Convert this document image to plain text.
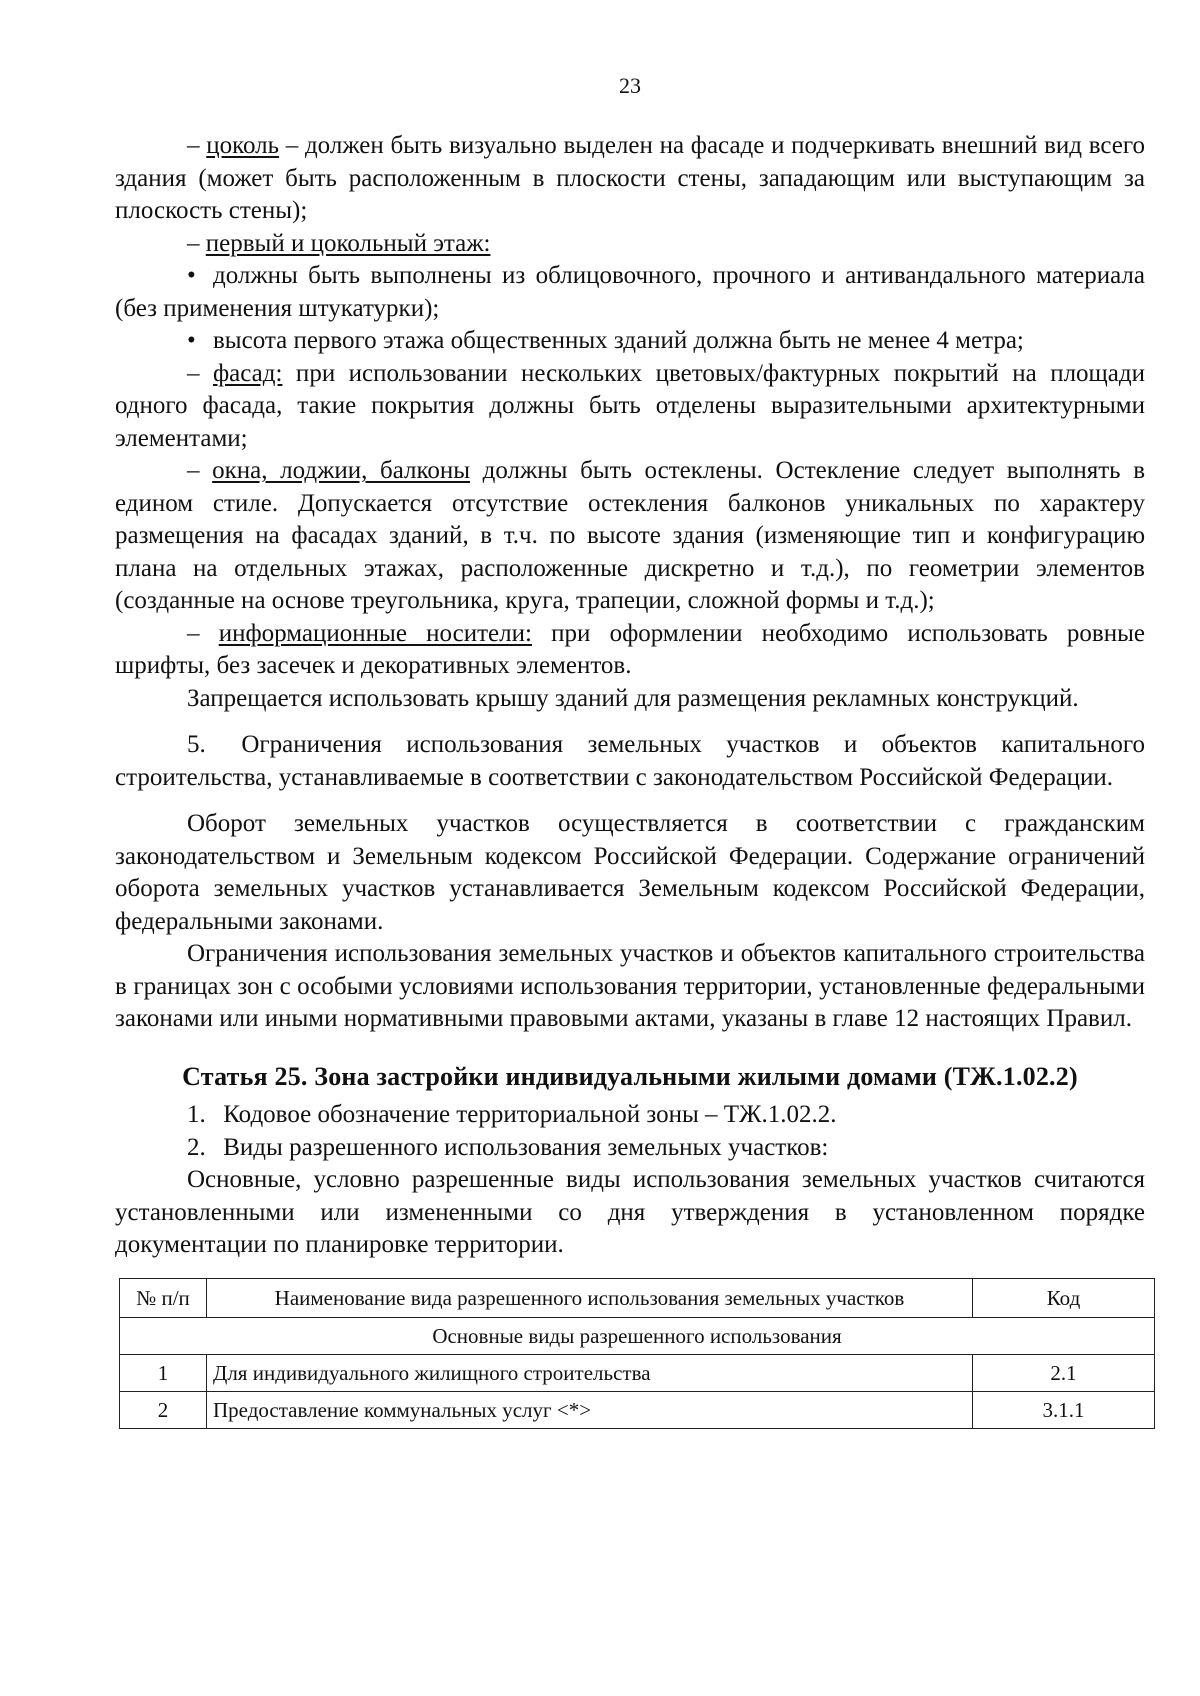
23

– цоколь – должен быть визуально выделен на фасаде и подчеркивать внешний вид всего здания (может быть расположенным в плоскости стены, западающим или выступающим за плоскость стены);

– первый и цокольный этаж:

• должны быть выполнены из облицовочного, прочного и антивандального материала (без применения штукатурки);

• высота первого этажа общественных зданий должна быть не менее 4 метра;

– фасад: при использовании нескольких цветовых/фактурных покрытий на площади одного фасада, такие покрытия должны быть отделены выразительными архитектурными элементами;

– окна, лоджии, балконы должны быть остеклены. Остекление следует выполнять в едином стиле. Допускается отсутствие остекления балконов уникальных по характеру размещения на фасадах зданий, в т.ч. по высоте здания (изменяющие тип и конфигурацию плана на отдельных этажах, расположенные дискретно и т.д.), по геометрии элементов (созданные на основе треугольника, круга, трапеции, сложной формы и т.д.);

– информационные носители: при оформлении необходимо использовать ровные шрифты, без засечек и декоративных элементов.

Запрещается использовать крышу зданий для размещения рекламных конструкций.

5. Ограничения использования земельных участков и объектов капитального строительства, устанавливаемые в соответствии с законодательством Российской Федерации.

Оборот земельных участков осуществляется в соответствии с гражданским законодательством и Земельным кодексом Российской Федерации. Содержание ограничений оборота земельных участков устанавливается Земельным кодексом Российской Федерации, федеральными законами.

Ограничения использования земельных участков и объектов капитального строительства в границах зон с особыми условиями использования территории, установленные федеральными законами или иными нормативными правовыми актами, указаны в главе 12 настоящих Правил.

Статья 25. Зона застройки индивидуальными жилыми домами (ТЖ.1.02.2)

1. Кодовое обозначение территориальной зоны – ТЖ.1.02.2.

2. Виды разрешенного использования земельных участков:

Основные, условно разрешенные виды использования земельных участков считаются установленными или измененными со дня утверждения в установленном порядке документации по планировке территории.

№ п/п	Наименование вида разрешенного использования земельных участков	Код
Основные виды разрешенного использования		
1	Для индивидуального жилищного строительства	2.1
2	Предоставление коммунальных услуг <*>	3.1.1
